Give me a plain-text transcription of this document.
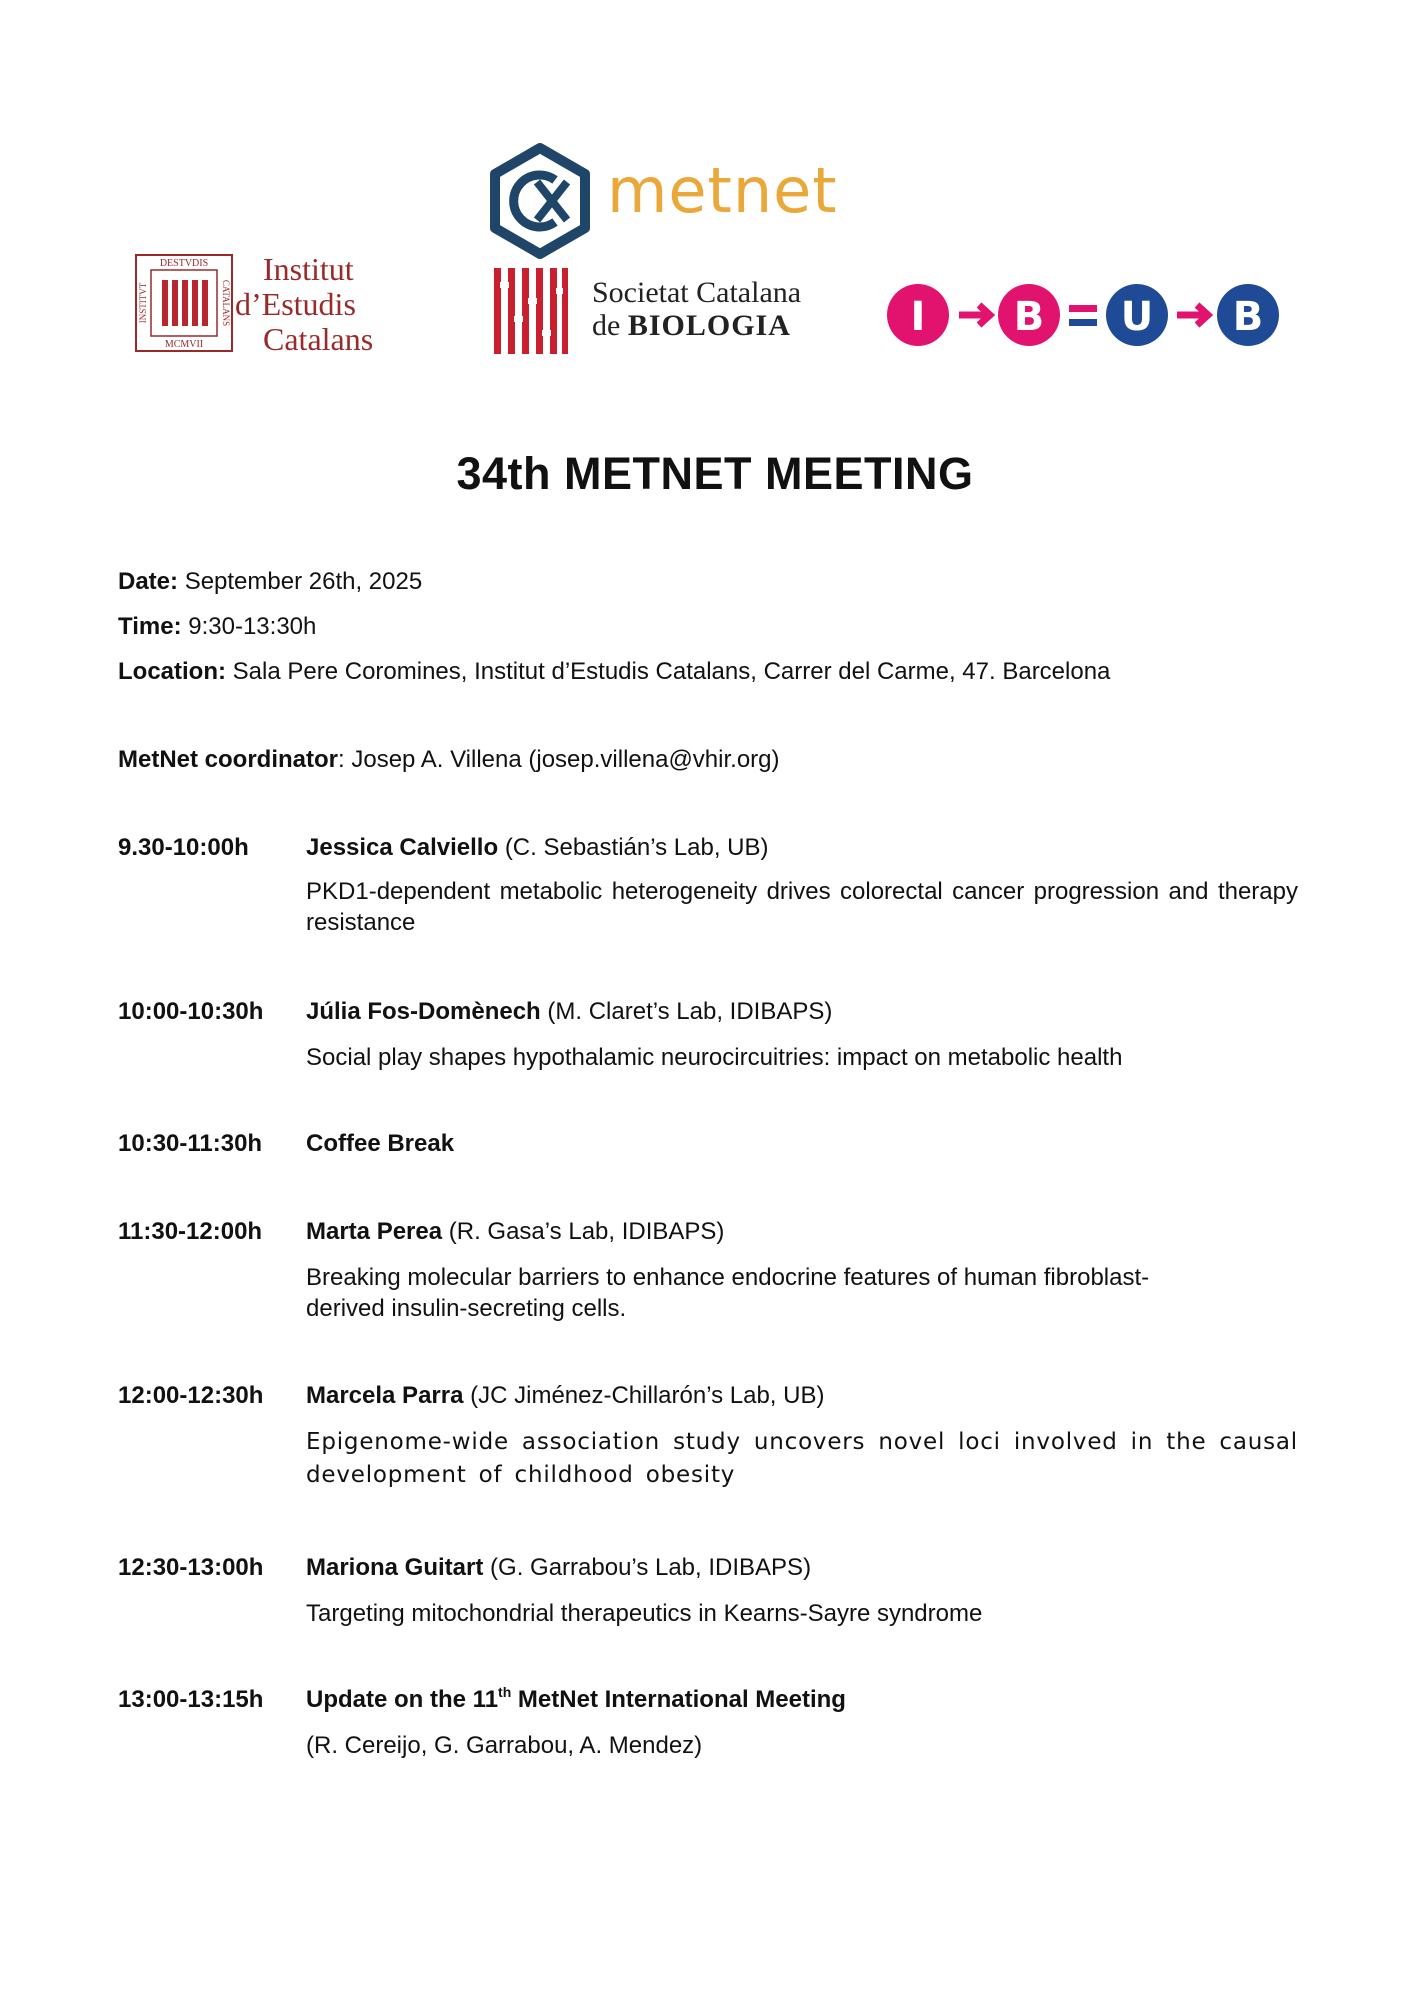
metnet
DESTVDIS
MCMVII
INSTITVT	CATALANS
Institut
d’Estudis
Catalans
Societat Catalana
de BIOLOGIA	I B U B
34th METNET MEETING
Date: September 26th, 2025
Time: 9:30-13:30h
Location: Sala Pere Coromines, Institut d’Estudis Catalans, Carrer del Carme, 47. Barcelona
MetNet coordinator: Josep A. Villena (josep.villena@vhir.org)
9.30-10:00h Jessica Calviello (C. Sebastián’s Lab, UB)
PKD1-dependent metabolic heterogeneity drives colorectal cancer progression and therapy resistance
10:00-10:30h Júlia Fos-Domènech (M. Claret’s Lab, IDIBAPS)
Social play shapes hypothalamic neurocircuitries: impact on metabolic health
10:30-11:30h Coffee Break
11:30-12:00h Marta Perea (R. Gasa’s Lab, IDIBAPS)
Breaking molecular barriers to enhance endocrine features of human fibroblast-
derived insulin-secreting cells.
12:00-12:30h Marcela Parra (JC Jiménez-Chillarón’s Lab, UB)
Epigenome-wide association study uncovers novel loci involved in the causal development of childhood obesity
12:30-13:00h Mariona Guitart (G. Garrabou’s Lab, IDIBAPS)
Targeting mitochondrial therapeutics in Kearns-Sayre syndrome
13:00-13:15h Update on the 11th MetNet International Meeting
(R. Cereijo, G. Garrabou, A. Mendez)
